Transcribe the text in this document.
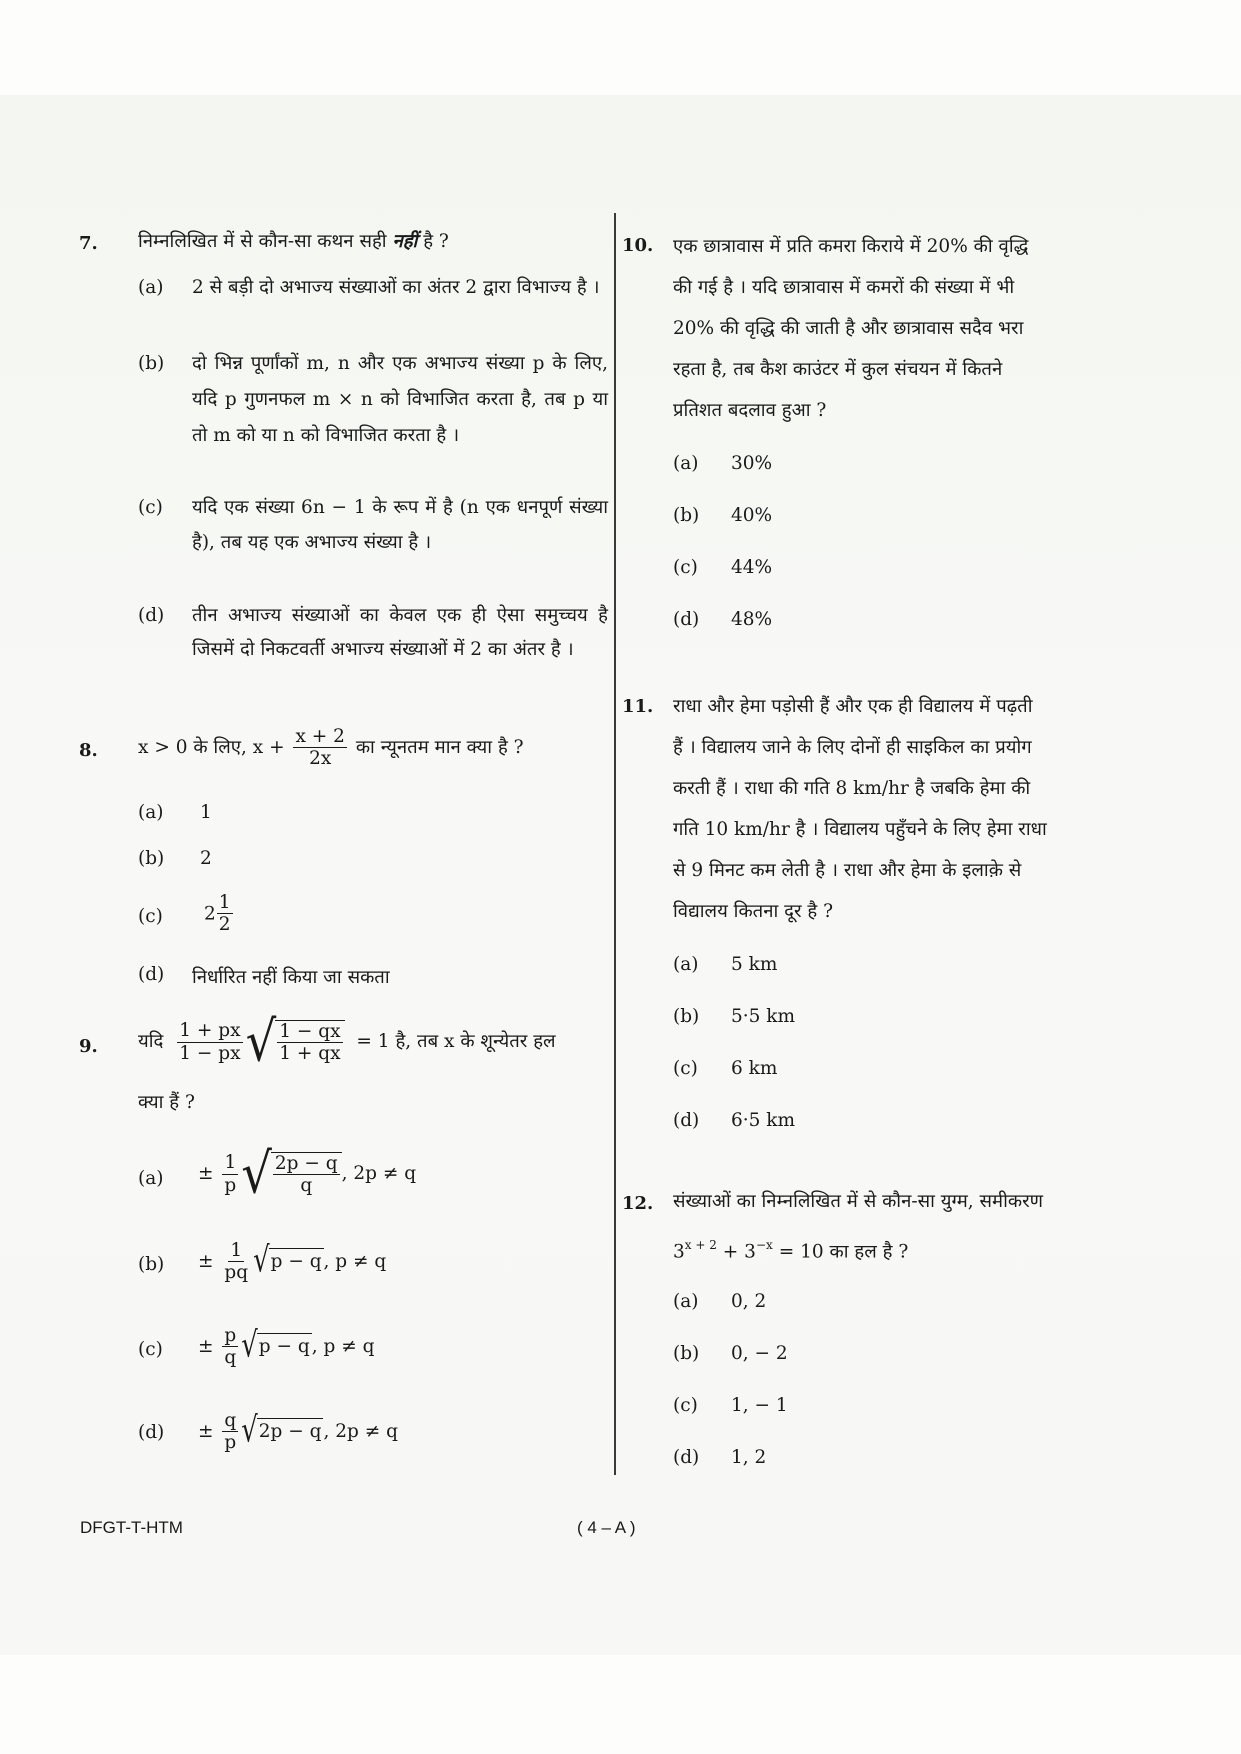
7. निम्नलिखित में से कौन-सा कथन सही नहीं है ?
(a) 2 से बड़ी दो अभाज्य संख्याओं का अंतर 2 द्वारा विभाज्य है ।
(b) दो भिन्न पूर्णांकों m, n और एक अभाज्य संख्या p के लिए, यदि p गुणनफल m × n को विभाजित करता है, तब p या तो m को या n को विभाजित करता है ।
(c) यदि एक संख्या 6n − 1 के रूप में है (n एक धनपूर्ण संख्या है), तब यह एक अभाज्य संख्या है ।
(d) तीन अभाज्य संख्याओं का केवल एक ही ऐसा समुच्चय है जिसमें दो निकटवर्ती अभाज्य संख्याओं में 2 का अंतर है ।
8. x > 0 के लिए, $x + \frac{x + 2}{2x}$ का न्यूनतम मान क्या है ?
(a) 1
(b) 2
(c) $2 \frac{1}{2}$
(d) निर्धारित नहीं किया जा सकता
9. यदि $\frac{1 + px}{1 - px}$ √ $\frac{1 - qx}{1 + qx} = 1$ है, तब x के शून्येतर हल
क्या हैं ?
$(a) \pm \frac{1}{p}$ √ $\frac{2p - q}{q}$ , 2p ≠ q
$(b) \pm \frac{1}{pq}$ √ p − q , p ≠ q
$(c) \pm \frac{p}{q}$ √ p − q , p ≠ q
$(d) \pm \frac{q}{p}$ √ 2p − q , 2p ≠ q
10. एक छात्रावास में प्रति कमरा किराये में 20% की वृद्धि
की गई है । यदि छात्रावास में कमरों की संख्या में भी
20% की वृद्धि की जाती है और छात्रावास सदैव भरा
रहता है, तब कैश काउंटर में कुल संचयन में कितने
प्रतिशत बदलाव हुआ ?
(a) 30%
(b) 40%
(c) 44%
(d) 48%
11. राधा और हेमा पड़ोसी हैं और एक ही विद्यालय में पढ़ती
हैं । विद्यालय जाने के लिए दोनों ही साइकिल का प्रयोग
करती हैं । राधा की गति 8 km/hr है जबकि हेमा की
गति 10 km/hr है । विद्यालय पहुँचने के लिए हेमा राधा
से 9 मिनट कम लेती है । राधा और हेमा के इलाक़े से
विद्यालय कितना दूर है ?
(a) 5 km
(b) 5·5 km
(c) 6 km
(d) 6·5 km
12. संख्याओं का निम्नलिखित में से कौन-सा युग्म, समीकरण
$3^{x + 2} + 3^{-x} = 10$ का हल है ?
(a) 0, 2
(b) 0, − 2
(c) 1, − 1
(d) 1, 2
DFGT-T-HTM	( 4 – A )
